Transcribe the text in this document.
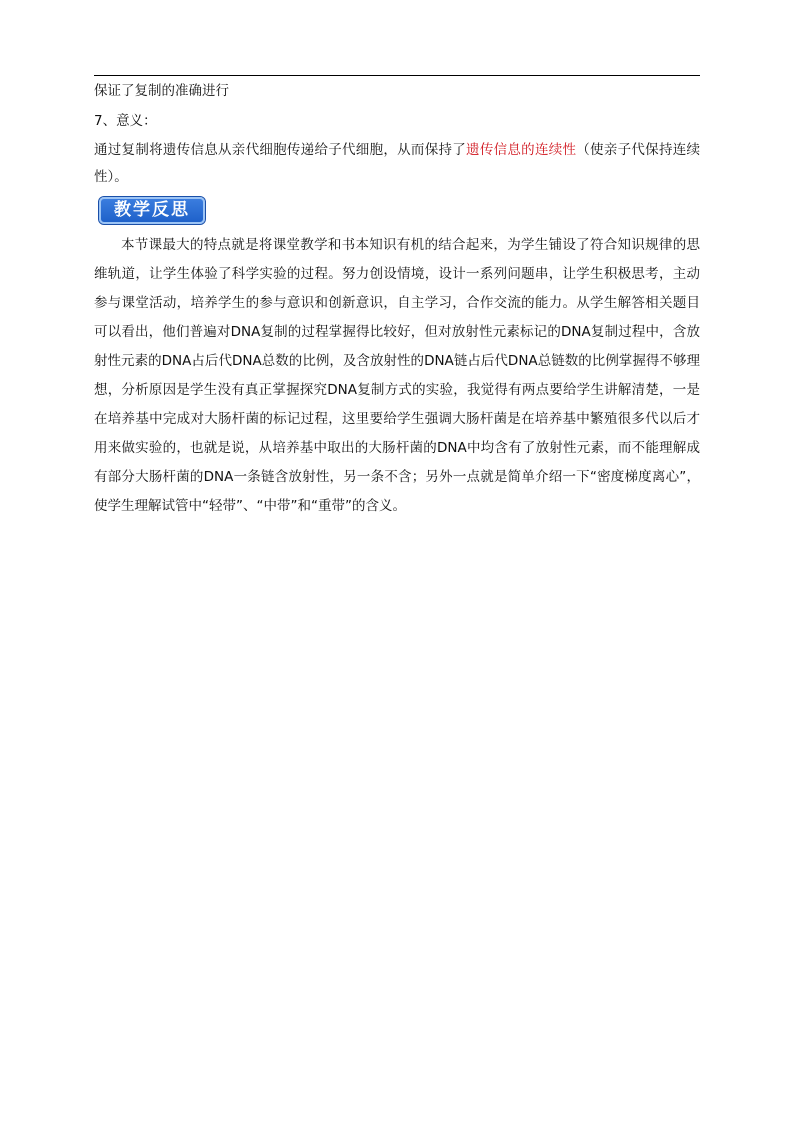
保证了复制的准确进行

7、意义：

通过复制将遗传信息从亲代细胞传递给子代细胞，从而保持了遗传信息的连续性（使亲子代保持连续性）。

教学反思

本节课最大的特点就是将课堂教学和书本知识有机的结合起来，为学生铺设了符合知识规律的思维轨道，让学生体验了科学实验的过程。努力创设情境，设计一系列问题串，让学生积极思考，主动参与课堂活动，培养学生的参与意识和创新意识，自主学习，合作交流的能力。从学生解答相关题目可以看出，他们普遍对DNA复制的过程掌握得比较好，但对放射性元素标记的DNA复制过程中，含放射性元素的DNA占后代DNA总数的比例，及含放射性的DNA链占后代DNA总链数的比例掌握得不够理想，分析原因是学生没有真正掌握探究DNA复制方式的实验，我觉得有两点要给学生讲解清楚，一是在培养基中完成对大肠杆菌的标记过程，这里要给学生强调大肠杆菌是在培养基中繁殖很多代以后才用来做实验的，也就是说，从培养基中取出的大肠杆菌的DNA中均含有了放射性元素，而不能理解成有部分大肠杆菌的DNA一条链含放射性，另一条不含；另外一点就是简单介绍一下“密度梯度离心”，使学生理解试管中“轻带”、“中带”和“重带”的含义。
